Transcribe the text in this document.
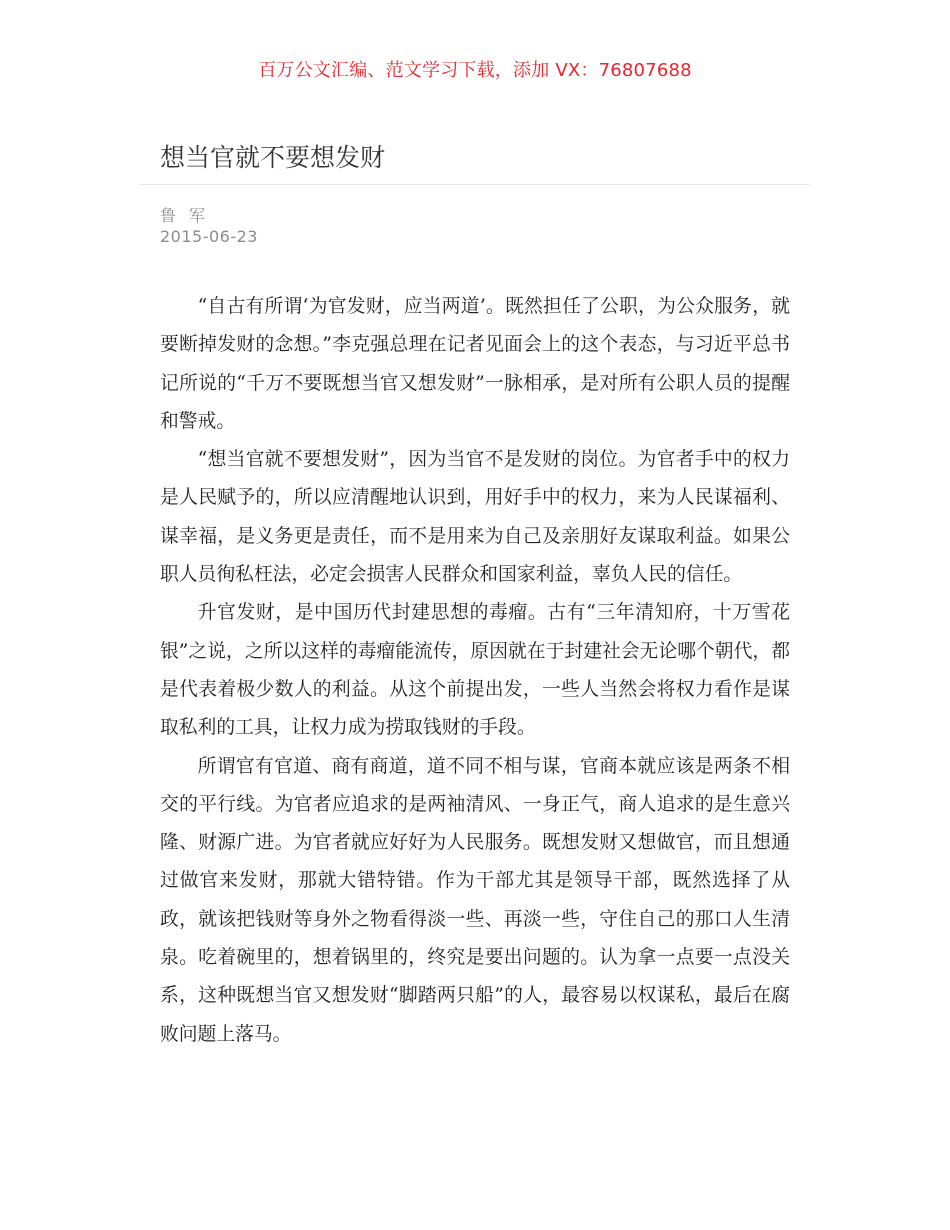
百万公文汇编、范文学习下载，添加 VX：76807688
想当官就不要想发财
鲁 军
2015-06-23

“自古有所谓‘为官发财，应当两道’。既然担任了公职，为公众服务，就要断掉发财的念想。”李克强总理在记者见面会上的这个表态，与习近平总书记所说的“千万不要既想当官又想发财”一脉相承，是对所有公职人员的提醒和警戒。

“想当官就不要想发财”，因为当官不是发财的岗位。为官者手中的权力是人民赋予的，所以应清醒地认识到，用好手中的权力，来为人民谋福利、谋幸福，是义务更是责任，而不是用来为自己及亲朋好友谋取利益。如果公职人员徇私枉法，必定会损害人民群众和国家利益，辜负人民的信任。

升官发财，是中国历代封建思想的毒瘤。古有“三年清知府，十万雪花银”之说，之所以这样的毒瘤能流传，原因就在于封建社会无论哪个朝代，都是代表着极少数人的利益。从这个前提出发，一些人当然会将权力看作是谋取私利的工具，让权力成为捞取钱财的手段。

所谓官有官道、商有商道，道不同不相与谋，官商本就应该是两条不相交的平行线。为官者应追求的是两袖清风、一身正气，商人追求的是生意兴隆、财源广进。为官者就应好好为人民服务。既想发财又想做官，而且想通过做官来发财，那就大错特错。作为干部尤其是领导干部，既然选择了从政，就该把钱财等身外之物看得淡一些、再淡一些，守住自己的那口人生清泉。吃着碗里的，想着锅里的，终究是要出问题的。认为拿一点要一点没关系，这种既想当官又想发财“脚踏两只船”的人，最容易以权谋私，最后在腐败问题上落马。
